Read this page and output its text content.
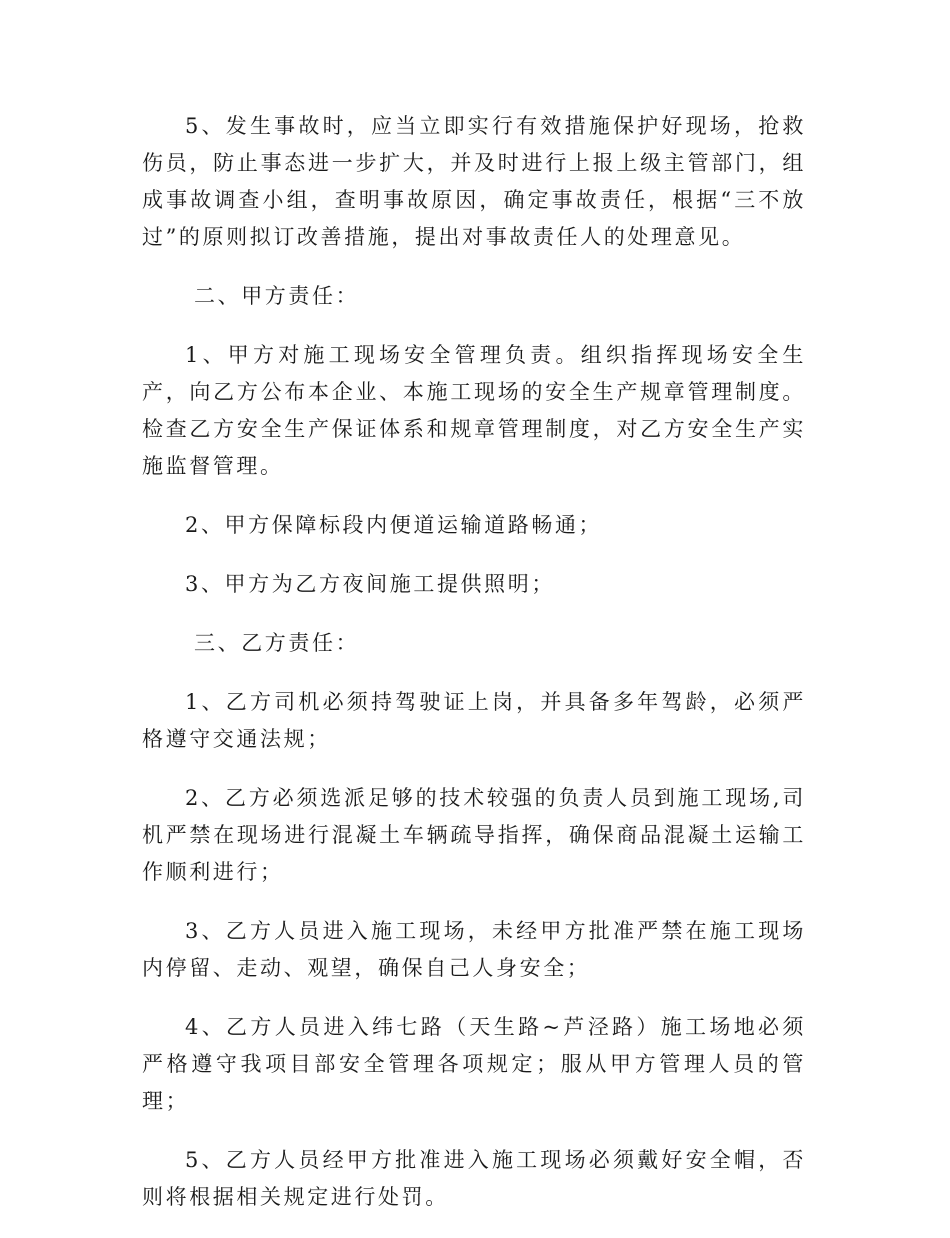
5、发生事故时，应当立即实行有效措施保护好现场，抢救伤员，防止事态进一步扩大，并及时进行上报上级主管部门，组成事故调查小组，查明事故原因，确定事故责任，根据“三不放过”的原则拟订改善措施，提出对事故责任人的处理意见。

二、甲方责任：

1、甲方对施工现场安全管理负责。组织指挥现场安全生产，向乙方公布本企业、本施工现场的安全生产规章管理制度。检查乙方安全生产保证体系和规章管理制度，对乙方安全生产实施监督管理。

2、甲方保障标段内便道运输道路畅通；

3、甲方为乙方夜间施工提供照明；

三、乙方责任：

1、乙方司机必须持驾驶证上岗，并具备多年驾龄，必须严格遵守交通法规；

2、乙方必须选派足够的技术较强的负责人员到施工现场,司机严禁在现场进行混凝土车辆疏导指挥，确保商品混凝土运输工作顺利进行；

3、乙方人员进入施工现场，未经甲方批准严禁在施工现场内停留、走动、观望，确保自己人身安全；

4、乙方人员进入纬七路（天生路~芦泾路）施工场地必须严格遵守我项目部安全管理各项规定；服从甲方管理人员的管理；

5、乙方人员经甲方批准进入施工现场必须戴好安全帽，否则将根据相关规定进行处罚。
